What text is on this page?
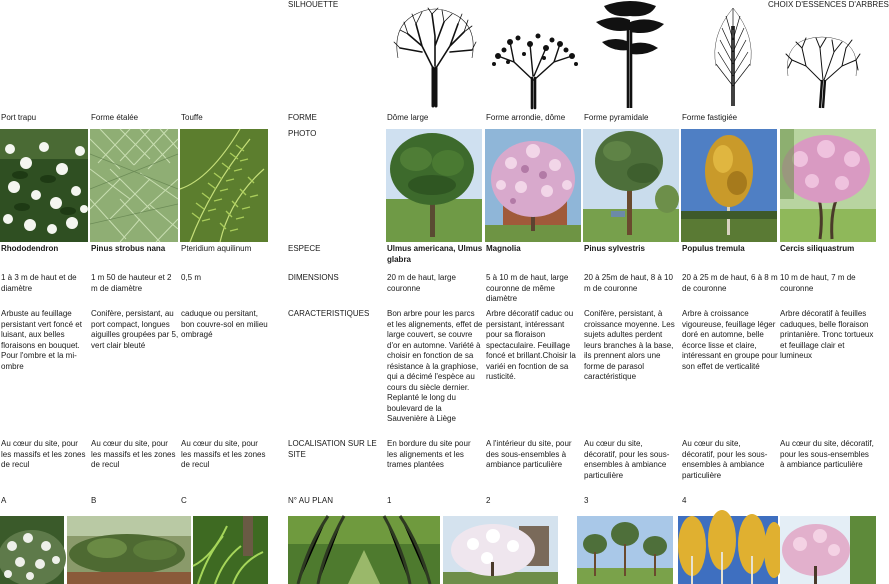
SILHOUETTE	CHOIX D'ESSENCES D'ARBRES
FORME
PHOTO
ESPECE
DIMENSIONS
CARACTERISTIQUES
LOCALISATION SUR LE SITE
N° AU PLAN
Port trapu
Rhododendron
1 à 3 m de haut et de diamètre
Arbuste au feuillage persistant vert foncé et luisant, aux belles floraisons en bouquet. Pour l'ombre et la mi-ombre
Au cœur du site, pour les massifs et les zones de recul
A
Forme étalée
Pinus strobus nana
1 m 50 de hauteur et 2 m de diamètre
Conifère, persistant, au port compact, longues aiguilles groupées par 5, vert clair bleuté
Au cœur du site, pour les massifs et les zones de recul
B
Touffe
Pteridium aquilinum
0,5 m
caduque ou persitant, bon couvre-sol en milieu ombragé
Au cœur du site, pour les massifs et les zones de recul
C
Dôme large
Ulmus americana, Ulmus glabra
20 m de haut, large couronne
Bon arbre pour les parcs et les alignements, effet de large couvert, se couvre d'or en automne. Variété à choisir en fonction de sa résistance à la graphiose, qui a décimé l'espèce au cours du siècle dernier. Replanté le long du boulevard de la Sauvenière à Liège
En bordure du site pour les alignements et les trames plantées
1
Forme arrondie, dôme
Magnolia
5 à 10 m de haut, large couronne de même diamètre
Arbre décoratif caduc ou persistant, intéressant pour sa floraison spectaculaire. Feuillage foncé et brillant.Choisir la variéi en focntion de sa rusticité.
A l'intérieur du site, pour des sous-ensembles à ambiance particulière
2
Forme pyramidale
Pinus sylvestris
20 à 25m de haut, 8 à 10 m de couronne
Conifère, persistant, à croissance moyenne. Les sujets adultes perdent leurs branches à la base, ils prennent alors une forme de parasol caractéristique
Au cœur du site, décoratif, pour les sous-ensembles à ambiance particulière
3
Forme fastigiée
Populus tremula
20 à 25 m de haut, 6 à 8 m de couronne
Arbre à croissance vigoureuse, feuillage léger doré en automne, belle écorce lisse et claire, intéressant en groupe pour son effet de verticalité
Au cœur du site, décoratif, pour les sous-ensembles à ambiance particulière
4
Cercis siliquastrum
10 m de haut, 7 m de couronne
Arbre décoratif à feuilles caduques, belle floraison printanière. Tronc tortueux et feuillage clair et lumineux
Au cœur du site, décoratif, pour les sous-ensembles à ambiance particulière
